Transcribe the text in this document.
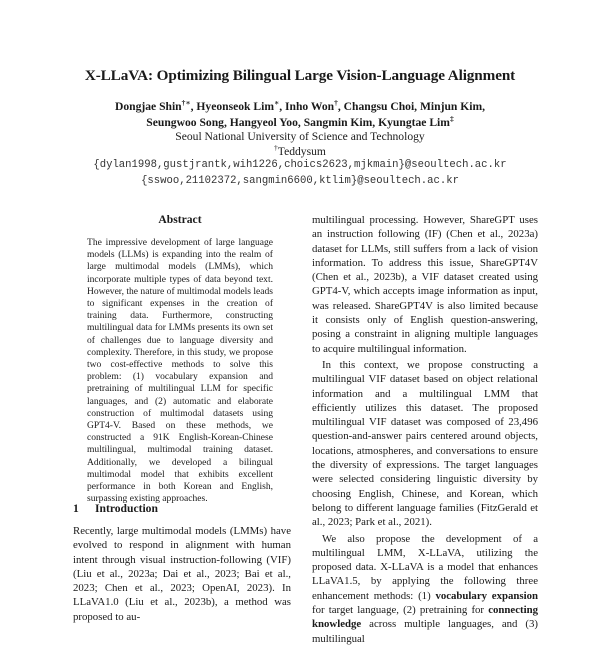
X-LLaVA: Optimizing Bilingual Large Vision-Language Alignment
Dongjae Shin†∗, Hyeonseok Lim∗, Inho Won†, Changsu Choi, Minjun Kim,
Seungwoo Song, Hangyeol Yoo, Sangmin Kim, Kyungtae Lim‡
Seoul National University of Science and Technology
†Teddysum
{dylan1998,gustjrantk,wih1226,choics2623,mjkmain}@seoultech.ac.kr
{sswoo,21102372,sangmin6600,ktlim}@seoultech.ac.kr
Abstract

The impressive development of large language models (LLMs) is expanding into the realm of large multimodal models (LMMs), which incorporate multiple types of data beyond text. However, the nature of multimodal models leads to significant expenses in the creation of training data. Furthermore, constructing multilingual data for LMMs presents its own set of challenges due to language diversity and complexity. Therefore, in this study, we propose two cost-effective methods to solve this problem: (1) vocabulary expansion and pretraining of multilingual LLM for specific languages, and (2) automatic and elaborate construction of multimodal datasets using GPT4-V. Based on these methods, we constructed a 91K English-Korean-Chinese multilingual, multimodal training dataset. Additionally, we developed a bilingual multimodal model that exhibits excellent performance in both Korean and English, surpassing existing approaches.

1 Introduction

Recently, large multimodal models (LMMs) have evolved to respond in alignment with human intent through visual instruction-following (VIF) (Liu et al., 2023a; Dai et al., 2023; Bai et al., 2023; Chen et al., 2023; OpenAI, 2023). In LLaVA1.0 (Liu et al., 2023b), a method was proposed to au-

multilingual processing. However, ShareGPT uses an instruction following (IF) (Chen et al., 2023a) dataset for LLMs, still suffers from a lack of vision information. To address this issue, ShareGPT4V (Chen et al., 2023b), a VIF dataset created using GPT4-V, which accepts image information as input, was released. ShareGPT4V is also limited because it consists only of English question-answering, posing a constraint in aligning multiple languages to acquire multilingual information.

In this context, we propose constructing a multilingual VIF dataset based on object relational information and a multilingual LMM that efficiently utilizes this dataset. The proposed multilingual VIF dataset was composed of 23,496 question-and-answer pairs centered around objects, locations, atmospheres, and conversations to ensure the diversity of expressions. The target languages were selected considering linguistic diversity by choosing English, Chinese, and Korean, which belong to different language families (FitzGerald et al., 2023; Park et al., 2021).

We also propose the development of a multilingual LMM, X-LLaVA, utilizing the proposed data. X-LLaVA is a model that enhances LLaVA1.5, by applying the following three enhancement methods: (1) vocabulary expansion for target language, (2) pretraining for connecting knowledge across multiple languages, and (3) multilingual
